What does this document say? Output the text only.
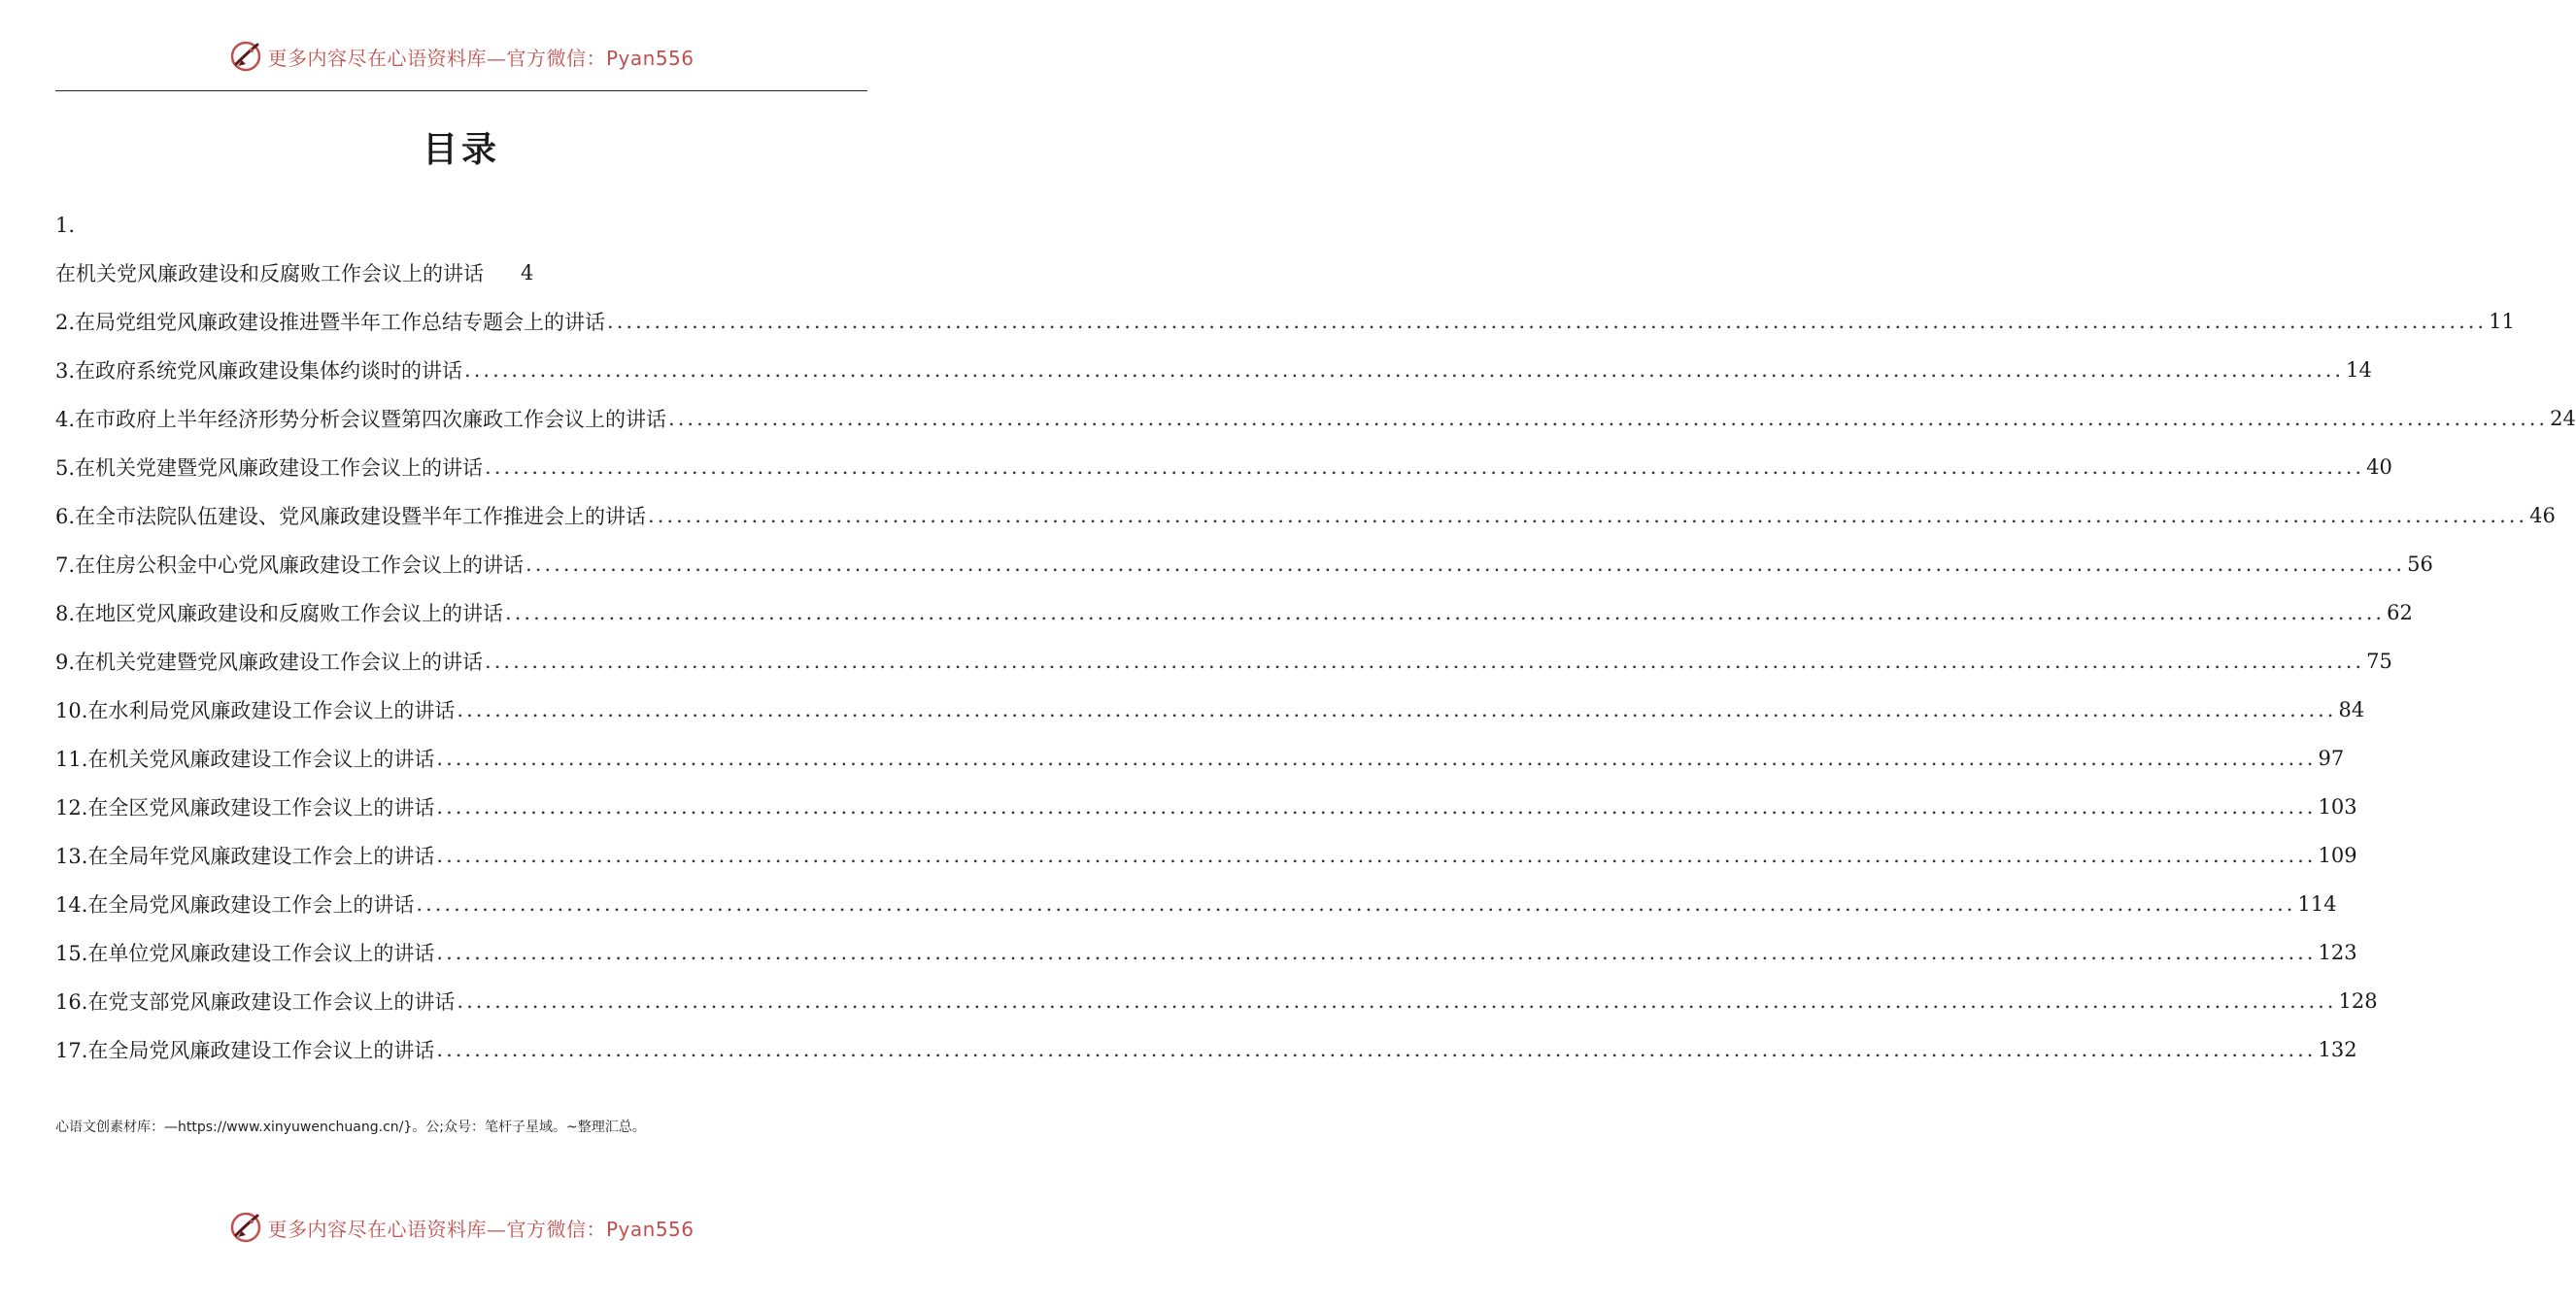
更多内容尽在心语资料库—官方微信：Pyan556
目录
1.
在机关党风廉政建设和反腐败工作会议上的讲话 4
2.在局党组党风廉政建设推进暨半年工作总结专题会上的讲话 ........................................................................................................................................................................................................ 11
3.在政府系统党风廉政建设集体约谈时的讲话 ........................................................................................................................................................................................................ 14
4.在市政府上半年经济形势分析会议暨第四次廉政工作会议上的讲话 ........................................................................................................................................................................................................ 24
5.在机关党建暨党风廉政建设工作会议上的讲话 ........................................................................................................................................................................................................ 40
6.在全市法院队伍建设、党风廉政建设暨半年工作推进会上的讲话 ........................................................................................................................................................................................................ 46
7.在住房公积金中心党风廉政建设工作会议上的讲话 ........................................................................................................................................................................................................ 56
8.在地区党风廉政建设和反腐败工作会议上的讲话 ........................................................................................................................................................................................................ 62
9.在机关党建暨党风廉政建设工作会议上的讲话 ........................................................................................................................................................................................................ 75
10.在水利局党风廉政建设工作会议上的讲话 ........................................................................................................................................................................................................ 84
11.在机关党风廉政建设工作会议上的讲话 ........................................................................................................................................................................................................ 97
12.在全区党风廉政建设工作会议上的讲话 ........................................................................................................................................................................................................ 103
13.在全局年党风廉政建设工作会上的讲话 ........................................................................................................................................................................................................ 109
14.在全局党风廉政建设工作会上的讲话 ........................................................................................................................................................................................................ 114
15.在单位党风廉政建设工作会议上的讲话 ........................................................................................................................................................................................................ 123
16.在党支部党风廉政建设工作会议上的讲话 ........................................................................................................................................................................................................ 128
17.在全局党风廉政建设工作会议上的讲话 ........................................................................................................................................................................................................ 132
心语文创素材库：—https://www.xinyuwenchuang.cn/}。公;众号：笔杆子星域。~整理汇总。
更多内容尽在心语资料库—官方微信：Pyan556
